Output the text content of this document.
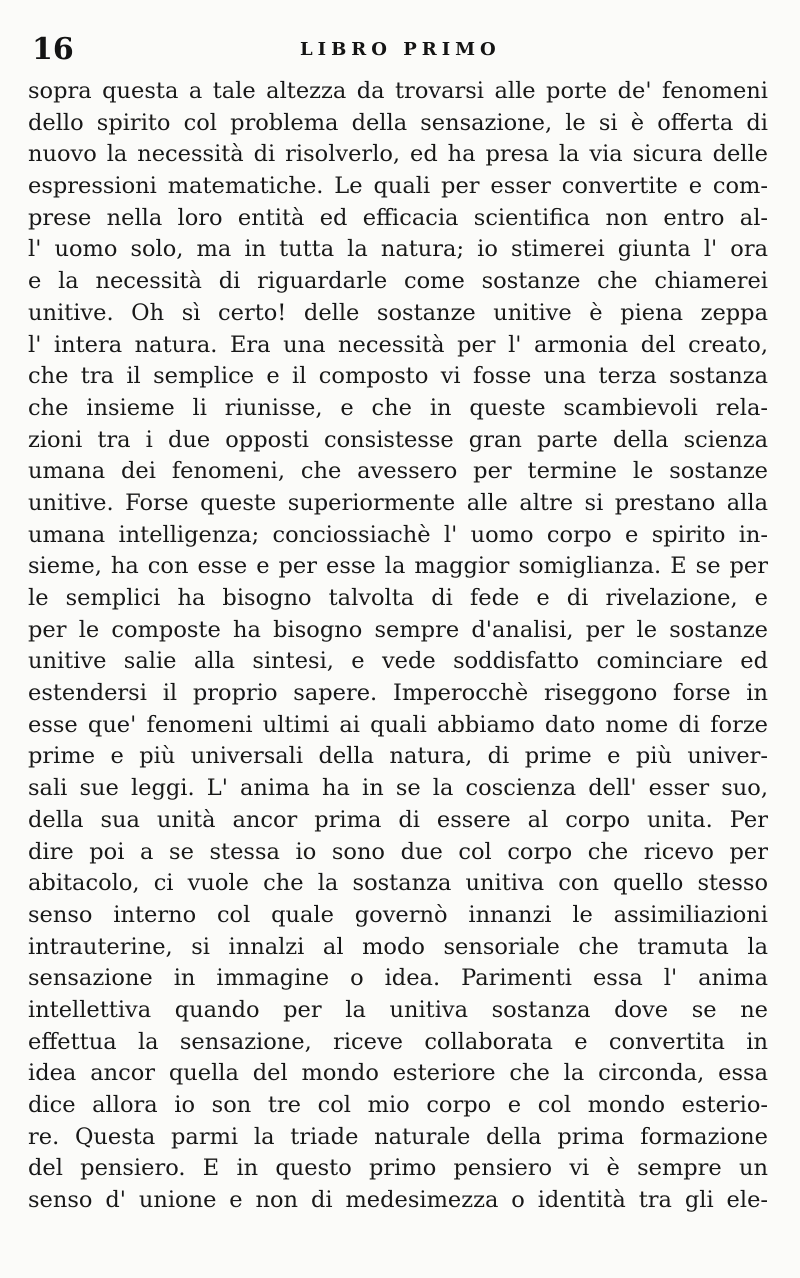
16	LIBRO PRIMO
sopra questa a tale altezza da trovarsi alle porte de' fenomeni
dello spirito col problema della sensazione, le si è offerta di
nuovo la necessità di risolverlo, ed ha presa la via sicura delle
espressioni matematiche. Le quali per esser convertite e com-
prese nella loro entità ed efficacia scientifica non entro al-
l' uomo solo, ma in tutta la natura; io stimerei giunta l' ora
e la necessità di riguardarle come sostanze che chiamerei
unitive. Oh sì certo! delle sostanze unitive è piena zeppa
l' intera natura. Era una necessità per l' armonia del creato,
che tra il semplice e il composto vi fosse una terza sostanza
che insieme li riunisse, e che in queste scambievoli rela-
zioni tra i due opposti consistesse gran parte della scienza
umana dei fenomeni, che avessero per termine le sostanze
unitive. Forse queste superiormente alle altre si prestano alla
umana intelligenza; conciossiachè l' uomo corpo e spirito in-
sieme, ha con esse e per esse la maggior somiglianza. E se per
le semplici ha bisogno talvolta di fede e di rivelazione, e
per le composte ha bisogno sempre d'analisi, per le sostanze
unitive salie alla sintesi, e vede soddisfatto cominciare ed
estendersi il proprio sapere. Imperocchè riseggono forse in
esse que' fenomeni ultimi ai quali abbiamo dato nome di forze
prime e più universali della natura, di prime e più univer-
sali sue leggi. L' anima ha in se la coscienza dell' esser suo,
della sua unità ancor prima di essere al corpo unita. Per
dire poi a se stessa io sono due col corpo che ricevo per
abitacolo, ci vuole che la sostanza unitiva con quello stesso
senso interno col quale governò innanzi le assimiliazioni
intrauterine, si innalzi al modo sensoriale che tramuta la
sensazione in immagine o idea. Parimenti essa l' anima
intellettiva quando per la unitiva sostanza dove se ne
effettua la sensazione, riceve collaborata e convertita in
idea ancor quella del mondo esteriore che la circonda, essa
dice allora io son tre col mio corpo e col mondo esterio-
re. Questa parmi la triade naturale della prima formazione
del pensiero. E in questo primo pensiero vi è sempre un
senso d' unione e non di medesimezza o identità tra gli ele-
